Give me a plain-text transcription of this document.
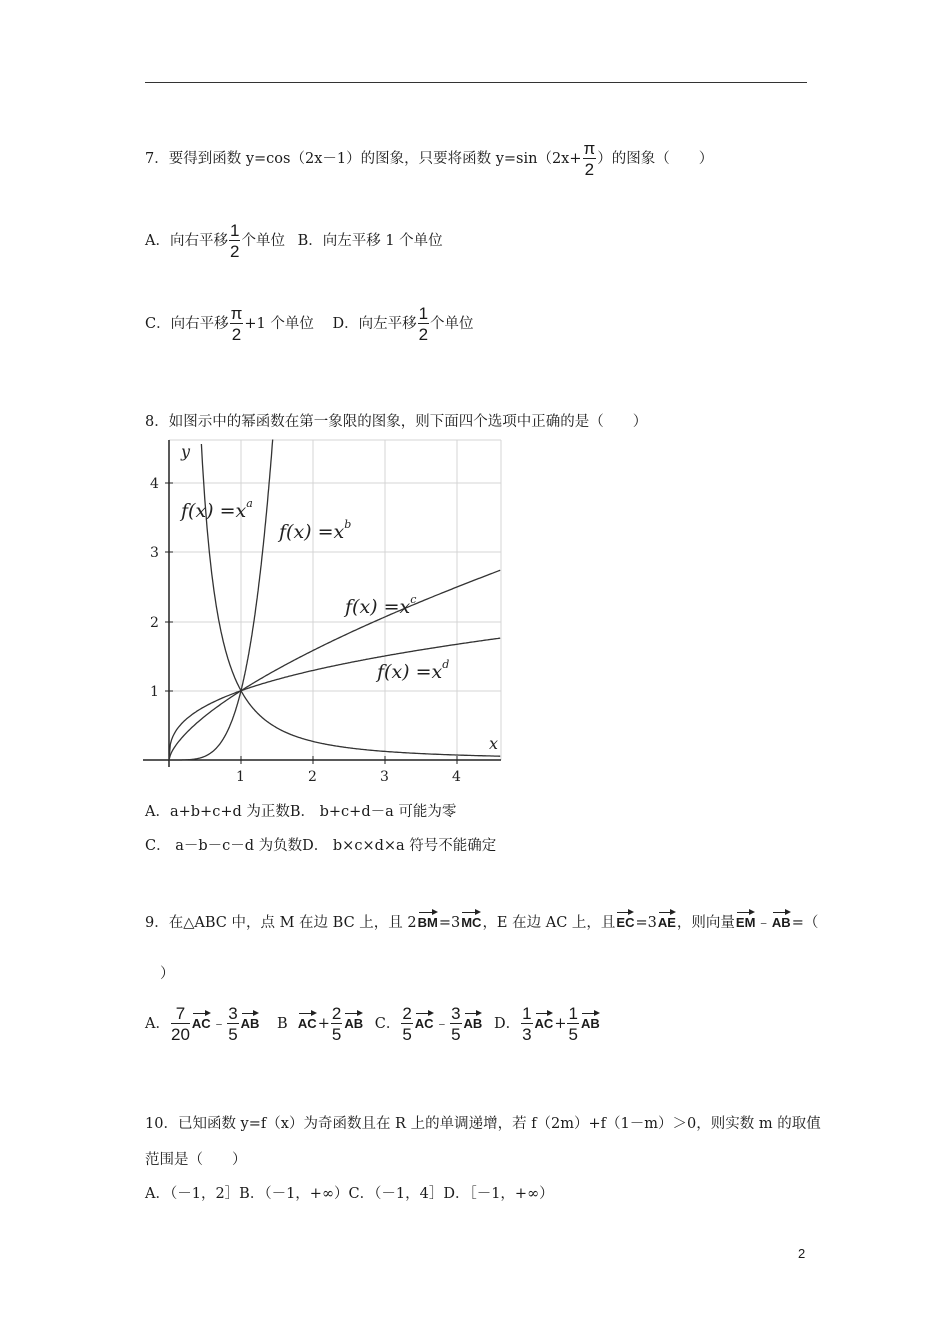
7．要得到函数 y=cos（2x－1）的图象，只要将函数 $y=\sin(2x+ \frac{\pi}{2}$ ）的图象（　　）
A．向右平移 $\frac{1}{2}$ 个单位 B．向左平移 1 个单位
C．向右平移 $\frac{\pi}{2} +1$ 个单位 D．向左平移 $\frac{1}{2}$ 个单位
8．如图示中的幂函数在第一象限的图象，则下面四个选项中正确的是（　　）
1	2	3	4
1
2
3
4
x
y
$f(x) =x^a$
$f(x) =x^b$
$f(x) =x^c$
$f(x) =x^d$
A．a+b+c+d 为正数B． b+c+d－a 可能为零
C． a－b－c－d 为负数D． b×c×d×a 符号不能确定
9．在△ABC 中，点 M 在边 BC 上，且 2BM=3MC，E 在边 AC 上，且EC=3AE，则向量EM﹣AB=（
）
A． $\frac{7}{20}$ AC﹣ $\frac{3}{5}$ AB B $AC+ \frac{2}{5}$ AB C． $\frac{2}{5}$ AC﹣ $\frac{3}{5}$ AB D． $\frac{1}{3} AC+ \frac{1}{5}$ AB
10．已知函数 y=f（x）为奇函数且在 R 上的单调递增，若 f（2m）+f（1－m）＞0，则实数 m 的取值
范围是（　　）
A．（－1，2］B．（－1，+∞）C．（－1，4］D．［－1，+∞）
2
